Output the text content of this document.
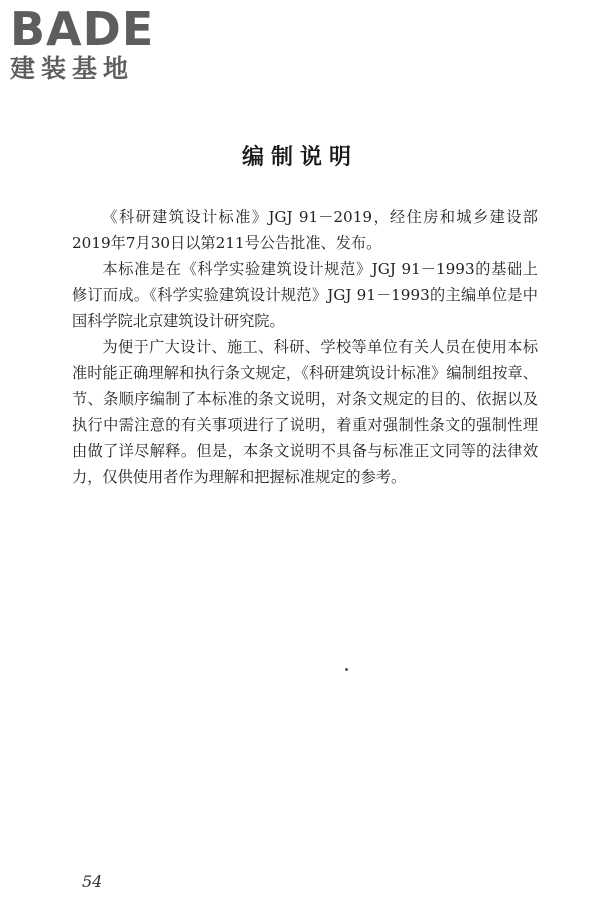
BADE
建装基地
编制说明

《科研建筑设计标准》JGJ 91－2019，经住房和城乡建设部2019年7月30日以第211号公告批准、发布。

本标准是在《科学实验建筑设计规范》JGJ 91－1993的基础上修订而成。《科学实验建筑设计规范》JGJ 91－1993的主编单位是中国科学院北京建筑设计研究院。

为便于广大设计、施工、科研、学校等单位有关人员在使用本标准时能正确理解和执行条文规定，《科研建筑设计标准》编制组按章、节、条顺序编制了本标准的条文说明，对条文规定的目的、依据以及执行中需注意的有关事项进行了说明，着重对强制性条文的强制性理由做了详尽解释。但是，本条文说明不具备与标准正文同等的法律效力，仅供使用者作为理解和把握标准规定的参考。

54
